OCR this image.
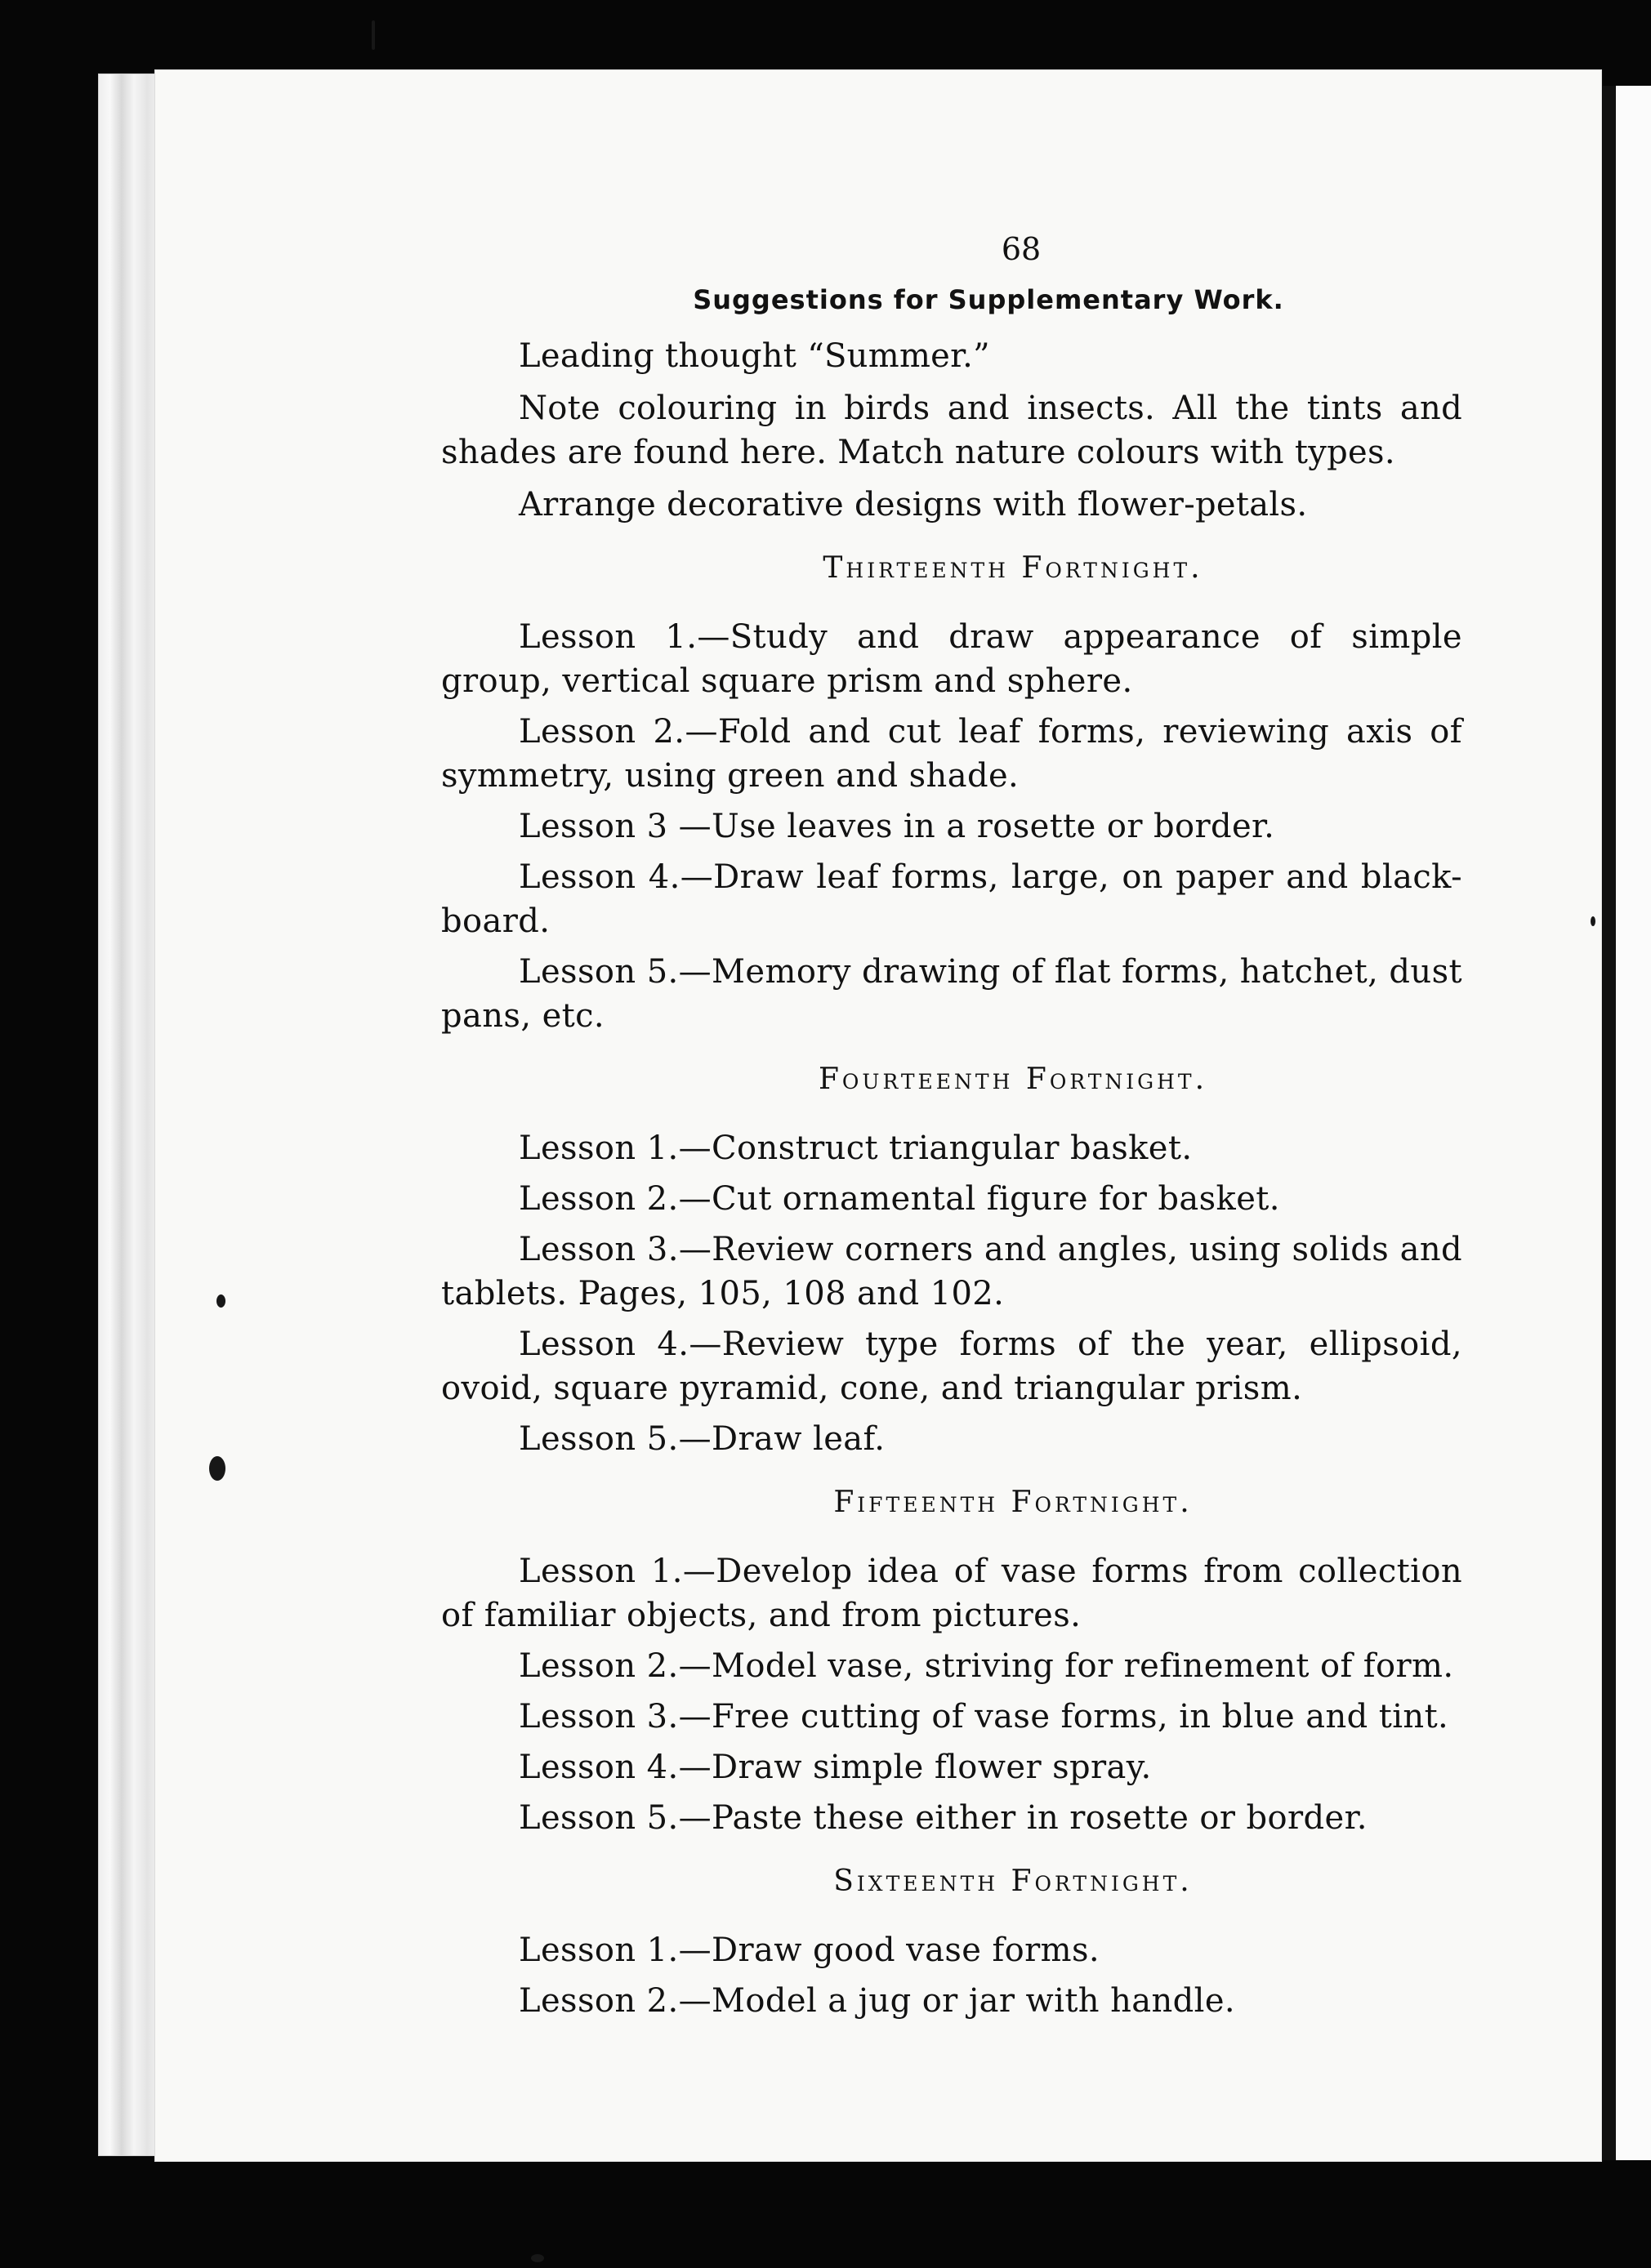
68
Suggestions for Supplementary Work.

Leading thought “Summer.”

Note colouring in birds and insects. All the tints and shades are found here. Match nature colours with types.

Arrange decorative designs with flower-petals.

Thirteenth Fortnight.

Lesson 1.—Study and draw appearance of simple group, vertical square prism and sphere.

Lesson 2.—Fold and cut leaf forms, reviewing axis of symmetry, using green and shade.

Lesson 3 —Use leaves in a rosette or border.

Lesson 4.—Draw leaf forms, large, on paper and black-board.

Lesson 5.—Memory drawing of flat forms, hatchet, dust pans, etc.

Fourteenth Fortnight.

Lesson 1.—Construct triangular basket.

Lesson 2.—Cut ornamental figure for basket.

Lesson 3.—Review corners and angles, using solids and tablets. Pages, 105, 108 and 102.

Lesson 4.—Review type forms of the year, ellipsoid, ovoid, square pyramid, cone, and triangular prism.

Lesson 5.—Draw leaf.

Fifteenth Fortnight.

Lesson 1.—Develop idea of vase forms from collection of familiar objects, and from pictures.

Lesson 2.—Model vase, striving for refinement of form.

Lesson 3.—Free cutting of vase forms, in blue and tint.

Lesson 4.—Draw simple flower spray.

Lesson 5.—Paste these either in rosette or border.

Sixteenth Fortnight.

Lesson 1.—Draw good vase forms.

Lesson 2.—Model a jug or jar with handle.
